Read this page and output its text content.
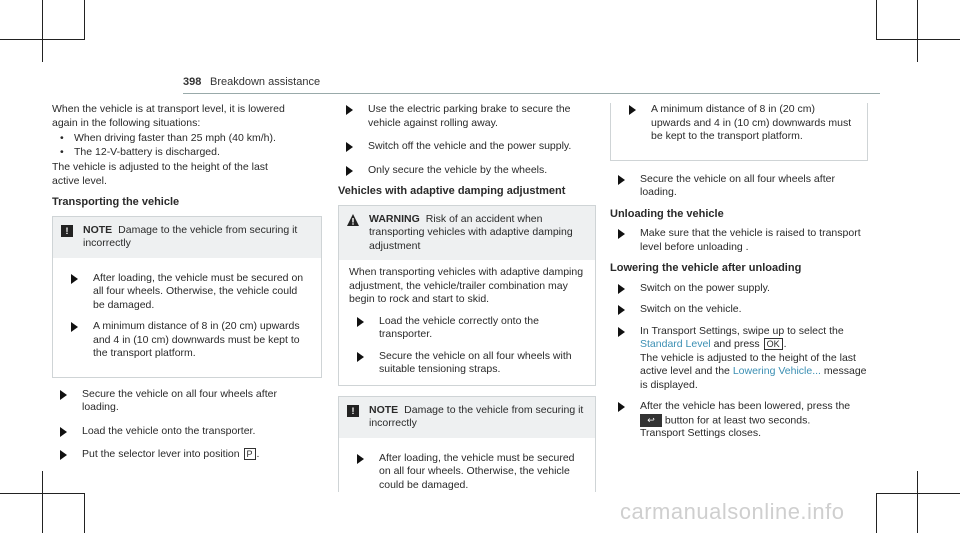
398 Breakdown assistance

When the vehicle is at transport level, it is lowered again in the following situations:

• When driving faster than 25 mph (40 km/h).
• The 12-V-battery is discharged.

The vehicle is adjusted to the height of the last active level.

Transporting the vehicle
!	NOTE Damage to the vehicle from securing it incorrectly
After loading, the vehicle must be secured on all four wheels. Otherwise, the vehicle could be damaged.
A minimum distance of 8 in (20 cm) upwards and 4 in (10 cm) downwards must be kept to the transport platform.
Secure the vehicle on all four wheels after loading.
Load the vehicle onto the transporter.
Put the selector lever into position P .
Use the electric parking brake to secure the vehicle against rolling away.
Switch off the vehicle and the power supply.
Only secure the vehicle by the wheels.
Vehicles with adaptive damping adjustment
WARNING Risk of an accident when transporting vehicles with adaptive damping adjustment

When transporting vehicles with adaptive damping adjustment, the vehicle/trailer combination may begin to rock and start to skid.

Load the vehicle correctly onto the transporter.
Secure the vehicle on all four wheels with suitable tensioning straps.
!	NOTE Damage to the vehicle from securing it incorrectly
After loading, the vehicle must be secured on all four wheels. Otherwise, the vehicle could be damaged.
A minimum distance of 8 in (20 cm) upwards and 4 in (10 cm) downwards must be kept to the transport platform.
Secure the vehicle on all four wheels after loading.
Unloading the vehicle
Make sure that the vehicle is raised to transport level before unloading .
Lowering the vehicle after unloading
Switch on the power supply.
Switch on the vehicle.
In Transport Settings, swipe up to select the Standard Level and press OK .
The vehicle is adjusted to the height of the last active level and the Lowering Vehicle... message is displayed.
After the vehicle has been lowered, press the ↩ button for at least two seconds.
Transport Settings closes.
carmanualsonline.info
